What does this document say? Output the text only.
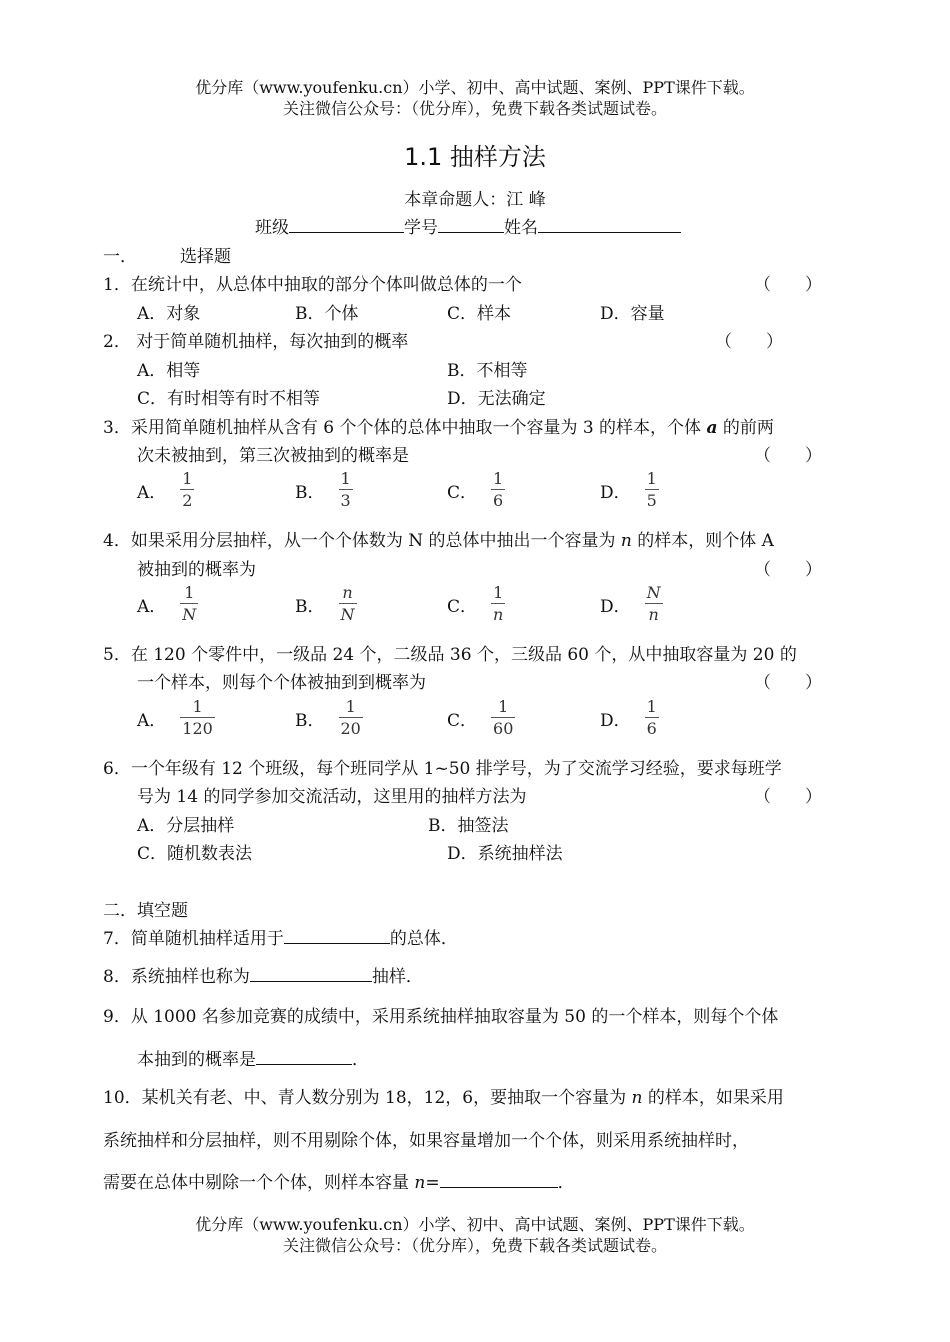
优分库（www.youfenku.cn）小学、初中、高中试题、案例、PPT课件下载。
关注微信公众号：（优分库），免费下载各类试题试卷。
1.1 抽样方法
本章命题人：江 峰
班级	学号	姓名
一．	选择题
1．在统计中，从总体中抽取的部分个体叫做总体的一个	（　　）
A．对象	B．个体	C．样本	D．容量
2． 对于简单随机抽样，每次抽到的概率	（　　）
A．相等	B．不相等
C．有时相等有时不相等	D．无法确定
3．采用简单随机抽样从含有 6 个个体的总体中抽取一个容量为 3 的样本，个体 a 的前两
次未被抽到，第三次被抽到的概率是	（　　）
A． $\frac{1}{2}$	B． $\frac{1}{3}$	C． $\frac{1}{6}$	D． $\frac{1}{5}$
4．如果采用分层抽样，从一个个体数为 N 的总体中抽出一个容量为 n 的样本，则个体 A
被抽到的概率为	（　　）
A． $\frac{1}{N}$	B． $\frac{n}{N}$	C． $\frac{1}{n}$	D． $\frac{N}{n}$
5．在 120 个零件中，一级品 24 个，二级品 36 个，三级品 60 个，从中抽取容量为 20 的
一个样本，则每个个体被抽到到概率为	（　　）
A． $\frac{1}{120}$	B． $\frac{1}{20}$	C． $\frac{1}{60}$	D． $\frac{1}{6}$
6．一个年级有 12 个班级，每个班同学从 1~50 排学号，为了交流学习经验，要求每班学
号为 14 的同学参加交流活动，这里用的抽样方法为	（　　）
A．分层抽样	B．抽签法
C．随机数表法	D．系统抽样法
二．填空题
7．简单随机抽样适用于	的总体．
8．系统抽样也称为	抽样．
9．从 1000 名参加竞赛的成绩中，采用系统抽样抽取容量为 50 的一个样本，则每个个体
本抽到的概率是	．
10．某机关有老、中、青人数分别为 18，12，6，要抽取一个容量为 n 的样本，如果采用
系统抽样和分层抽样，则不用剔除个体，如果容量增加一个个体，则采用系统抽样时，
需要在总体中剔除一个个体，则样本容量 n=	．
优分库（www.youfenku.cn）小学、初中、高中试题、案例、PPT课件下载。
关注微信公众号：（优分库），免费下载各类试题试卷。
